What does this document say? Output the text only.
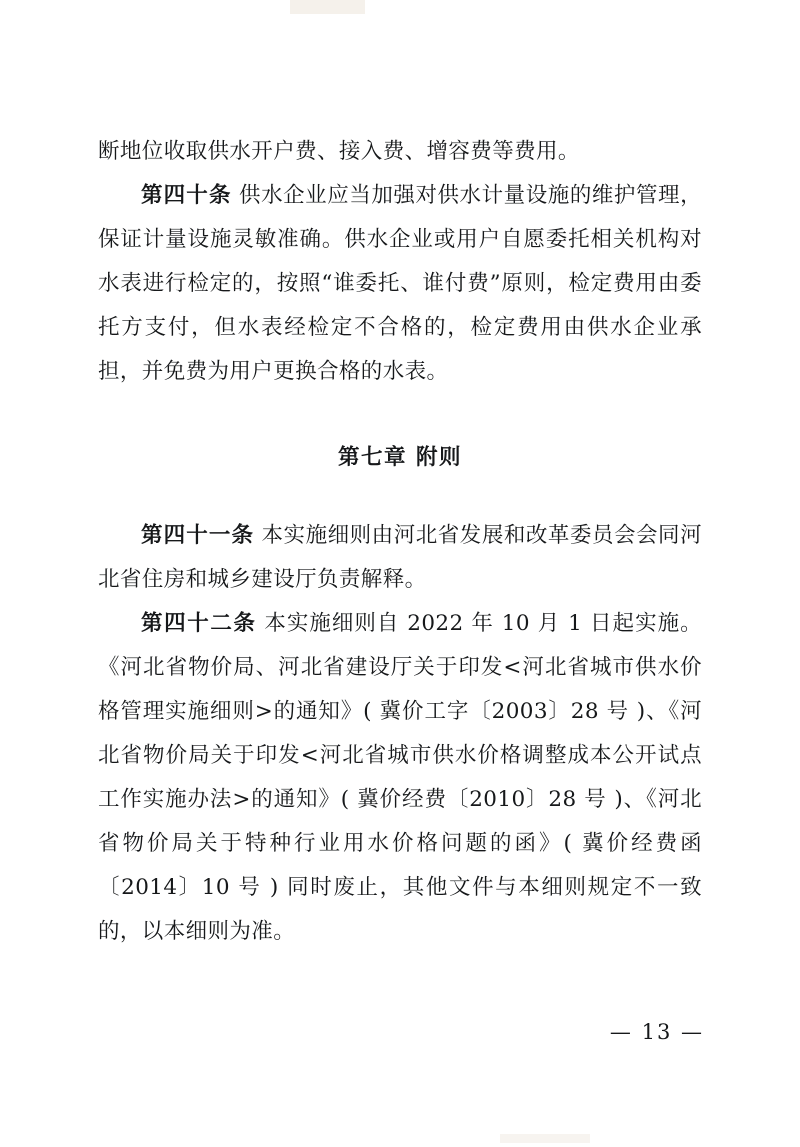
断地位收取供水开户费、接入费、增容费等费用。

第四十条 供水企业应当加强对供水计量设施的维护管理，保证计量设施灵敏准确。供水企业或用户自愿委托相关机构对水表进行检定的，按照“谁委托、谁付费”原则，检定费用由委托方支付，但水表经检定不合格的，检定费用由供水企业承担，并免费为用户更换合格的水表。

第七章 附则

第四十一条 本实施细则由河北省发展和改革委员会会同河北省住房和城乡建设厅负责解释。

第四十二条 本实施细则自 2022 年 10 月 1 日起实施。《河北省物价局、河北省建设厅关于印发<河北省城市供水价格管理实施细则>的通知》( 冀价工字〔2003〕28 号 )、《河北省物价局关于印发<河北省城市供水价格调整成本公开试点工作实施办法>的通知》( 冀价经费〔2010〕28 号 )、《河北省物价局关于特种行业用水价格问题的函》( 冀价经费函〔2014〕10 号 ) 同时废止，其他文件与本细则规定不一致的，以本细则为准。

— 13 —
